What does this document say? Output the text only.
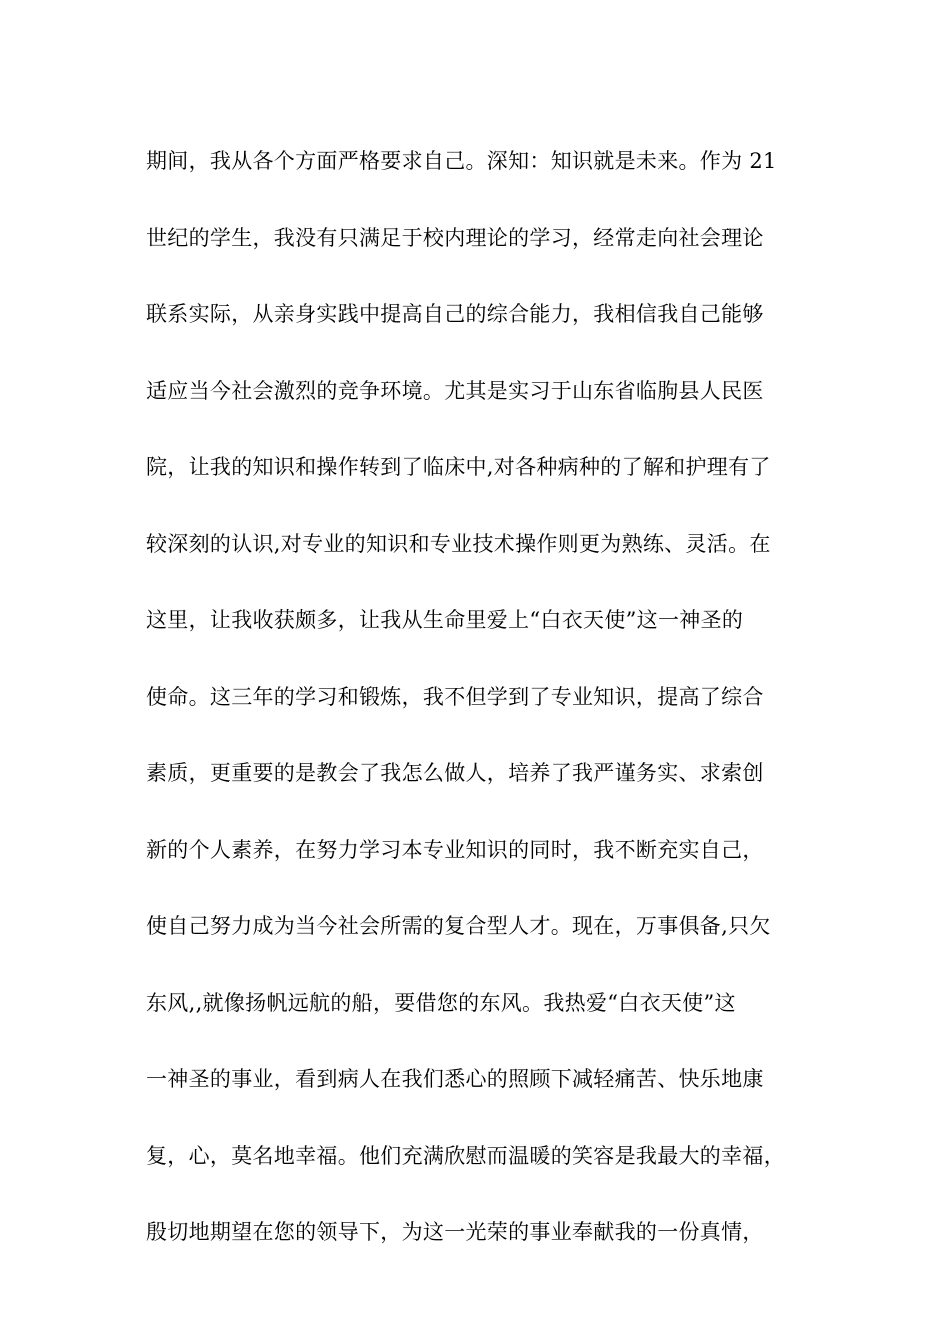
期间，我从各个方面严格要求自己。深知：知识就是未来。作为 21
世纪的学生，我没有只满足于校内理论的学习，经常走向社会理论
联系实际，从亲身实践中提高自己的综合能力，我相信我自己能够
适应当今社会激烈的竞争环境。尤其是实习于山东省临朐县人民医
院，让我的知识和操作转到了临床中,对各种病种的了解和护理有了
较深刻的认识,对专业的知识和专业技术操作则更为熟练、灵活。在
这里，让我收获颇多，让我从生命里爱上“白衣天使”这一神圣的
使命。这三年的学习和锻炼，我不但学到了专业知识，提高了综合
素质，更重要的是教会了我怎么做人，培养了我严谨务实、求索创
新的个人素养，在努力学习本专业知识的同时，我不断充实自己，
使自己努力成为当今社会所需的复合型人才。现在，万事俱备,只欠
东风,,就像扬帆远航的船，要借您的东风。我热爱“白衣天使”这
一神圣的事业，看到病人在我们悉心的照顾下减轻痛苦、快乐地康
复，心，莫名地幸福。他们充满欣慰而温暖的笑容是我最大的幸福，
殷切地期望在您的领导下，为这一光荣的事业奉献我的一份真情，
